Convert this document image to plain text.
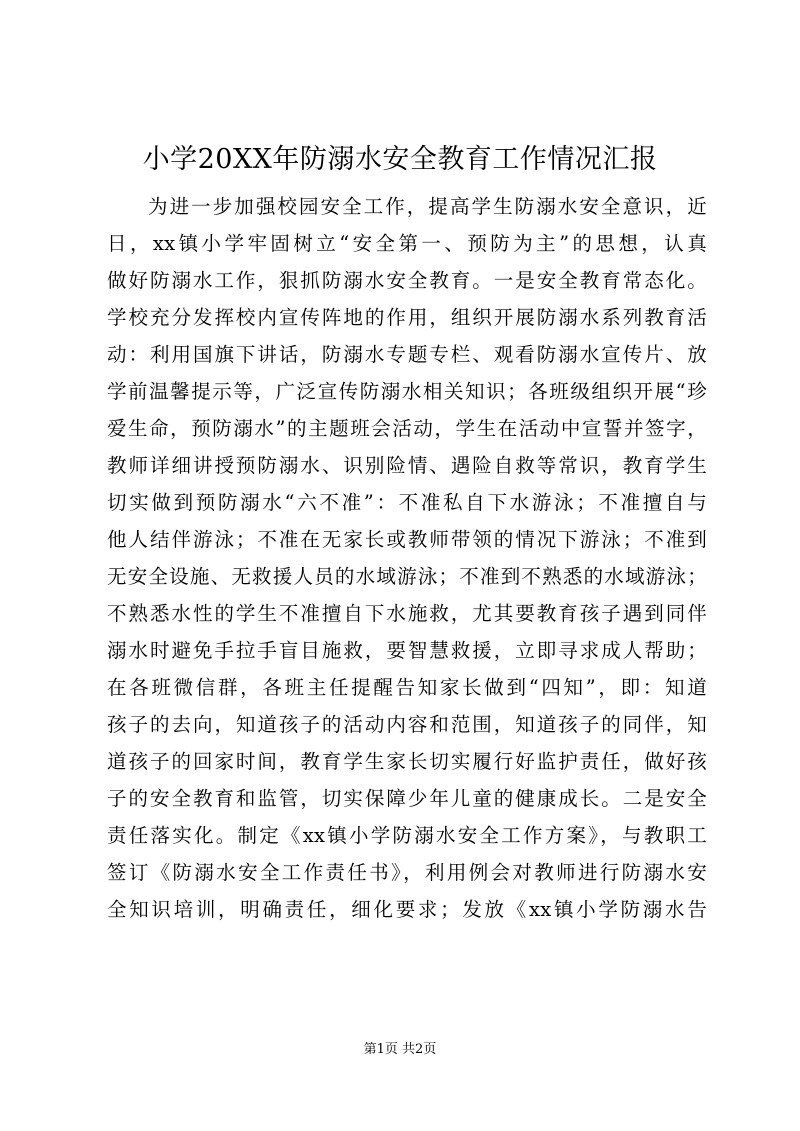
小学20XX年防溺水安全教育工作情况汇报
为进一步加强校园安全工作，提高学生防溺水安全意识，近
日，xx镇小学牢固树立“安全第一、预防为主”的思想，认真
做好防溺水工作，狠抓防溺水安全教育。一是安全教育常态化。
学校充分发挥校内宣传阵地的作用，组织开展防溺水系列教育活
动：利用国旗下讲话，防溺水专题专栏、观看防溺水宣传片、放
学前温馨提示等，广泛宣传防溺水相关知识；各班级组织开展“珍
爱生命，预防溺水”的主题班会活动，学生在活动中宣誓并签字，
教师详细讲授预防溺水、识别险情、遇险自救等常识，教育学生
切实做到预防溺水“六不准”：不准私自下水游泳；不准擅自与
他人结伴游泳；不准在无家长或教师带领的情况下游泳；不准到
无安全设施、无救援人员的水域游泳；不准到不熟悉的水域游泳；
不熟悉水性的学生不准擅自下水施救，尤其要教育孩子遇到同伴
溺水时避免手拉手盲目施救，要智慧救援，立即寻求成人帮助；
在各班微信群，各班主任提醒告知家长做到“四知”，即：知道
孩子的去向，知道孩子的活动内容和范围，知道孩子的同伴，知
道孩子的回家时间，教育学生家长切实履行好监护责任，做好孩
子的安全教育和监管，切实保障少年儿童的健康成长。二是安全
责任落实化。制定《xx镇小学防溺水安全工作方案》，与教职工
签订《防溺水安全工作责任书》，利用例会对教师进行防溺水安
全知识培训，明确责任，细化要求；发放《xx镇小学防溺水告
第1页 共2页
